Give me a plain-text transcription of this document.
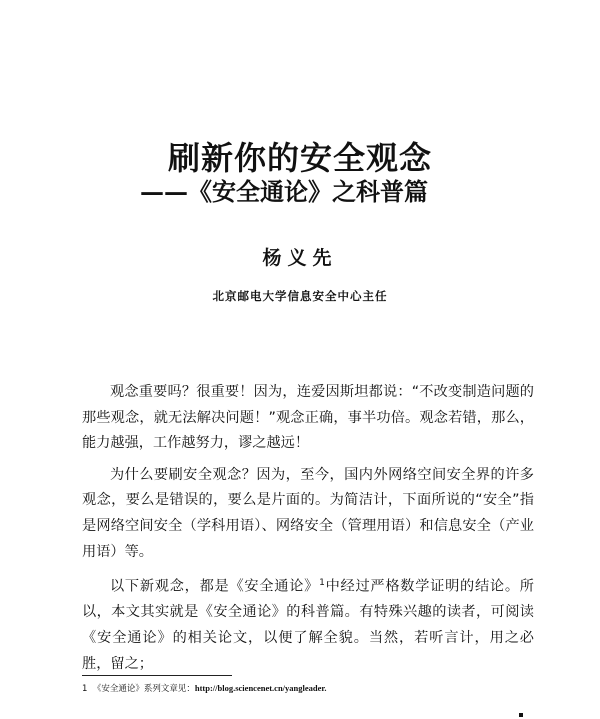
刷新你的安全观念
——《安全通论》之科普篇
杨义先
北京邮电大学信息安全中心主任

观念重要吗？很重要！因为，连爱因斯坦都说：“不改变制造问题的那些观念，就无法解决问题！”观念正确，事半功倍。观念若错，那么，能力越强，工作越努力，谬之越远！

为什么要刷安全观念？因为，至今，国内外网络空间安全界的许多观念，要么是错误的，要么是片面的。为简洁计，下面所说的“安全”指是网络空间安全（学科用语）、网络安全（管理用语）和信息安全（产业用语）等。

以下新观念，都是《安全通论》$^1$中经过严格数学证明的结论。所以，本文其实就是《安全通论》的科普篇。有特殊兴趣的读者，可阅读《安全通论》的相关论文，以便了解全貌。当然，若听言计，用之必胜，留之；

1 《安全通论》系列文章见：http://blog.sciencenet.cn/yangleader.
